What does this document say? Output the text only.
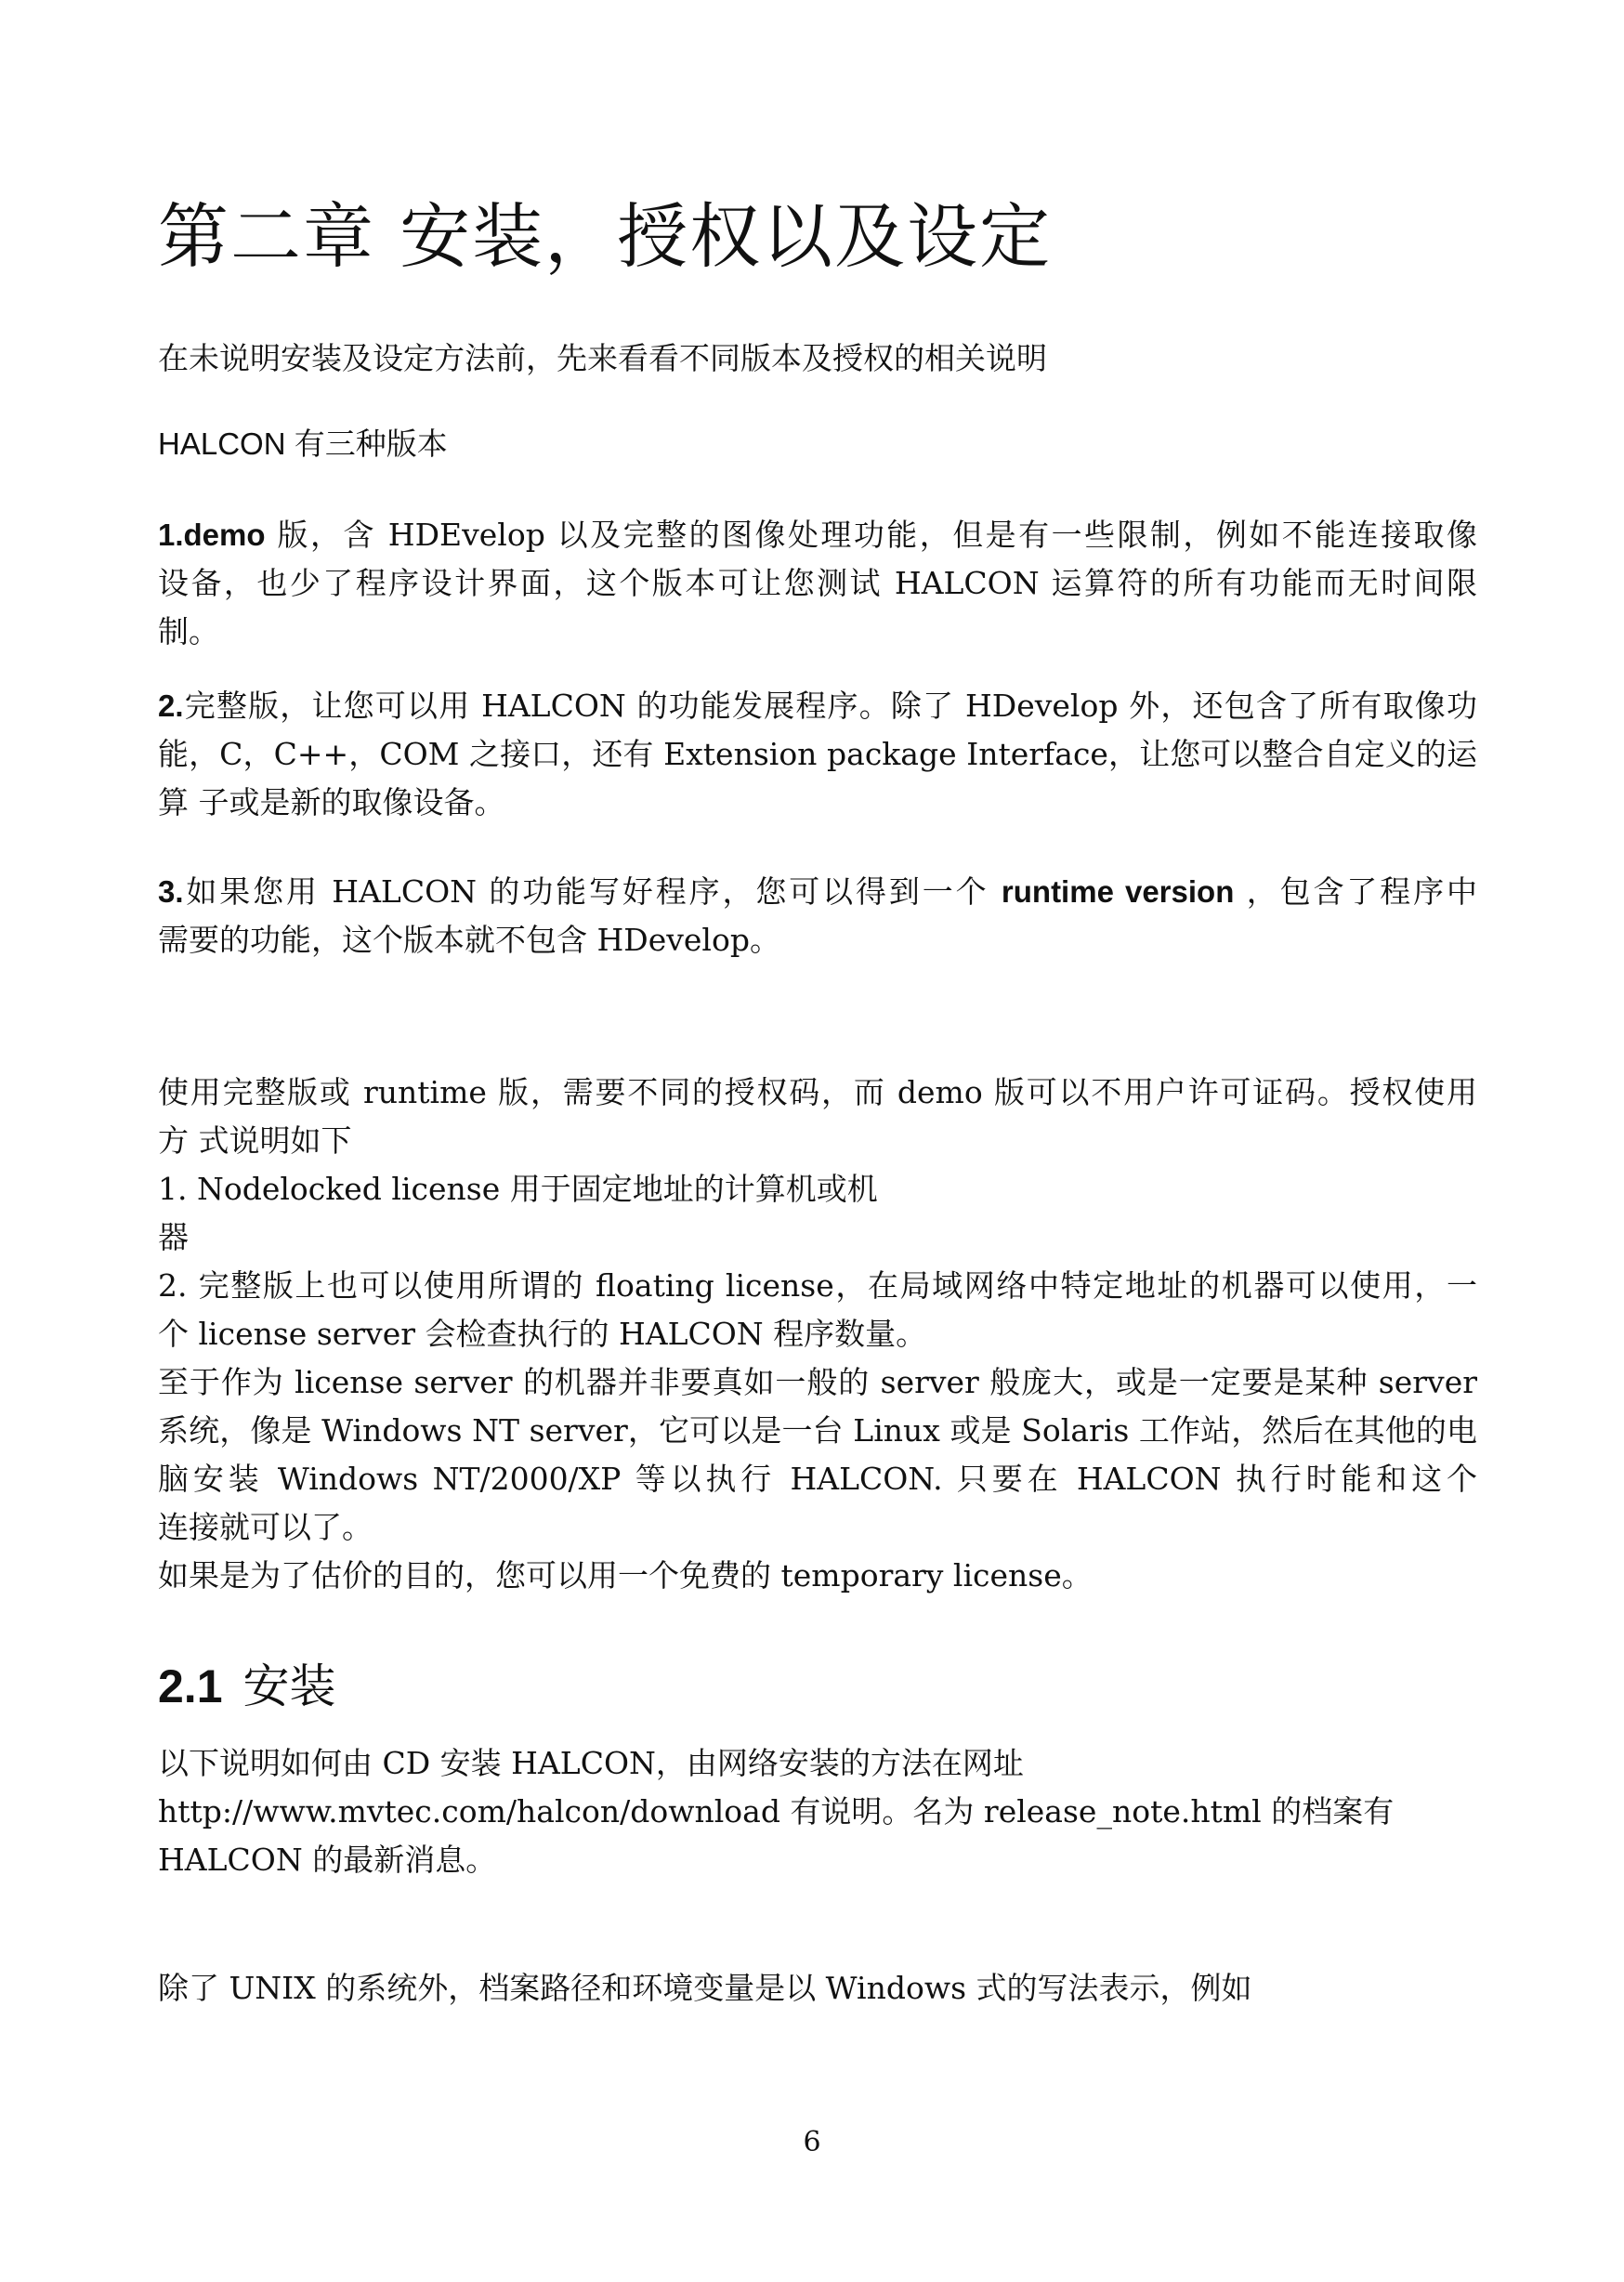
第二章 安装，授权以及设定
在未说明安装及设定方法前，先来看看不同版本及授权的相关说明
HALCON 有三种版本
1.demo 版，含 HDEvelop 以及完整的图像处理功能，但是有一些限制，例如不能连接取像
设备，也少了程序设计界面，这个版本可让您测试 HALCON 运算符的所有功能而无时间限
制。
2.完整版，让您可以用 HALCON 的功能发展程序。除了 HDevelop 外，还包含了所有取像功
能，C，C++，COM 之接口，还有 Extension package Interface，让您可以整合自定义的运
算 子或是新的取像设备。
3.如果您用 HALCON 的功能写好程序，您可以得到一个 runtime version ，包含了程序中
需要的功能，这个版本就不包含 HDevelop。
使用完整版或 runtime 版，需要不同的授权码，而 demo 版可以不用户许可证码。授权使用
方 式说明如下
1. Nodelocked license 用于固定地址的计算机或机
器
2. 完整版上也可以使用所谓的 floating license，在局域网络中特定地址的机器可以使用，一
个 license server 会检查执行的 HALCON 程序数量。
至于作为 license server 的机器并非要真如一般的 server 般庞大，或是一定要是某种 server
系统，像是 Windows NT server，它可以是一台 Linux 或是 Solaris 工作站，然后在其他的电
脑安装 Windows NT/2000/XP 等以执行 HALCON. 只要在 HALCON 执行时能和这个
连接就可以了。
如果是为了估价的目的，您可以用一个免费的 temporary license。
2.1 安装
以下说明如何由 CD 安装 HALCON，由网络安装的方法在网址
http://www.mvtec.com/halcon/download 有说明。名为 release_note.html 的档案有
HALCON 的最新消息。
除了 UNIX 的系统外，档案路径和环境变量是以 Windows 式的写法表示，例如
6
